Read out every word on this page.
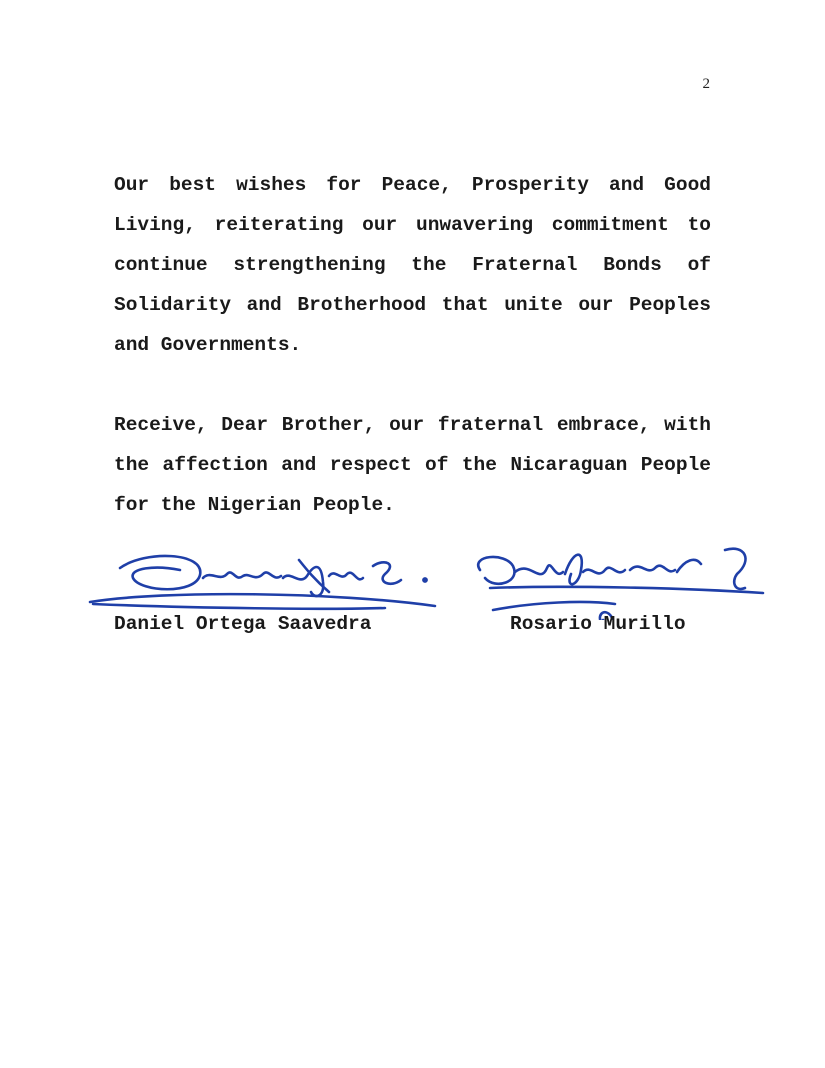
2
Our best wishes for Peace, Prosperity and Good Living, reiterating our unwavering commitment to continue strengthening the Fraternal Bonds of Solidarity and Brotherhood that unite our Peoples and Governments.
Receive, Dear Brother, our fraternal embrace, with the affection and respect of the Nicaraguan People for the Nigerian People.
Daniel Ortega Saavedra	Rosario Murillo
